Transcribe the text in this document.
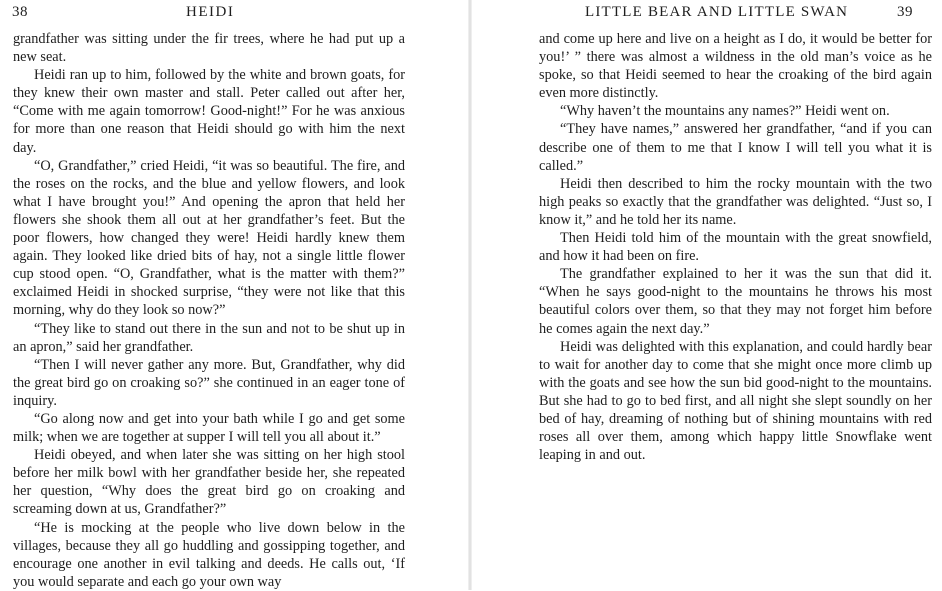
38	HEIDI

grandfather was sitting under the fir trees, where he had put up a new seat.

Heidi ran up to him, followed by the white and brown goats, for they knew their own master and stall. Peter called out after her, “Come with me again tomorrow! Good-night!” For he was anxious for more than one reason that Heidi should go with him the next day.

“O, Grandfather,” cried Heidi, “it was so beautiful. The fire, and the roses on the rocks, and the blue and yellow flowers, and look what I have brought you!” And opening the apron that held her flowers she shook them all out at her grandfather’s feet. But the poor flowers, how changed they were! Heidi hardly knew them again. They looked like dried bits of hay, not a single little flower cup stood open. “O, Grandfather, what is the matter with them?” exclaimed Heidi in shocked surprise, “they were not like that this morning, why do they look so now?”

“They like to stand out there in the sun and not to be shut up in an apron,” said her grandfather.

“Then I will never gather any more. But, Grandfather, why did the great bird go on croaking so?” she continued in an eager tone of inquiry.

“Go along now and get into your bath while I go and get some milk; when we are together at supper I will tell you all about it.”

Heidi obeyed, and when later she was sitting on her high stool before her milk bowl with her grandfather beside her, she repeated her question, “Why does the great bird go on croaking and screaming down at us, Grandfather?”

“He is mocking at the people who live down below in the villages, because they all go huddling and gossipping together, and encourage one another in evil talking and deeds. He calls out, ‘If you would separate and each go your own way

LITTLE BEAR AND LITTLE SWAN	39

and come up here and live on a height as I do, it would be better for you!’ ” there was almost a wildness in the old man’s voice as he spoke, so that Heidi seemed to hear the croaking of the bird again even more distinctly.

“Why haven’t the mountains any names?” Heidi went on.

“They have names,” answered her grandfather, “and if you can describe one of them to me that I know I will tell you what it is called.”

Heidi then described to him the rocky mountain with the two high peaks so exactly that the grandfather was delighted. “Just so, I know it,” and he told her its name.

Then Heidi told him of the mountain with the great snowfield, and how it had been on fire.

The grandfather explained to her it was the sun that did it. “When he says good-night to the mountains he throws his most beautiful colors over them, so that they may not forget him before he comes again the next day.”

Heidi was delighted with this explanation, and could hardly bear to wait for another day to come that she might once more climb up with the goats and see how the sun bid good-night to the mountains. But she had to go to bed first, and all night she slept soundly on her bed of hay, dreaming of nothing but of shining mountains with red roses all over them, among which happy little Snowflake went leaping in and out.
